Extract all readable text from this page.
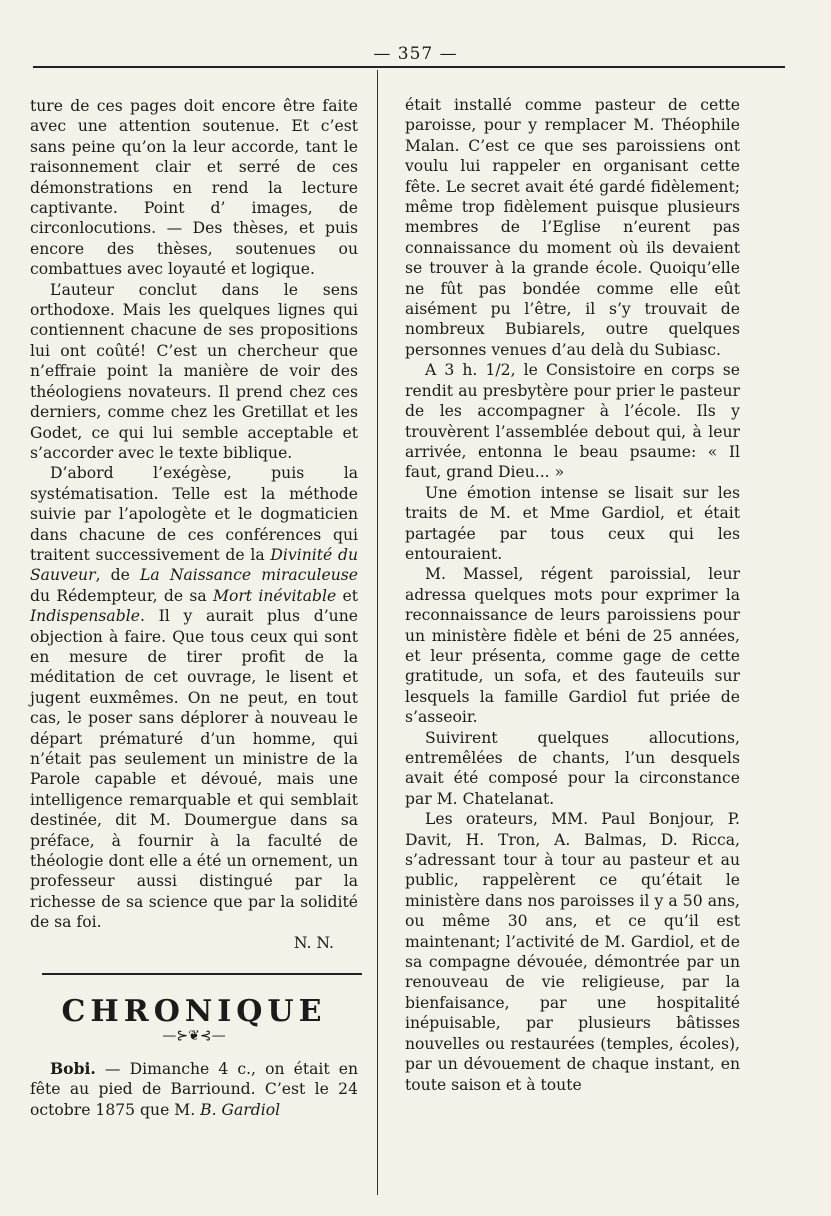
— 357 —

ture de ces pages doit encore être faite avec une attention soutenue. Et c’est sans peine qu’on la leur accorde, tant le raisonnement clair et serré de ces démonstrations en rend la lecture captivante. Point d’ images, de circonlocutions. — Des thèses, et puis encore des thèses, soutenues ou combattues avec loyauté et logique.

L’auteur conclut dans le sens orthodoxe. Mais les quelques lignes qui contiennent chacune de ses propositions lui ont coûté! C’est un chercheur que n’effraie point la manière de voir des théologiens novateurs. Il prend chez ces derniers, comme chez les Gretillat et les Godet, ce qui lui semble acceptable et s’accorder avec le texte biblique.

D’abord l’exégèse, puis la systématisation. Telle est la méthode suivie par l’apologète et le dogmaticien dans chacune de ces conférences qui traitent successivement de la Divinité du Sauveur, de La Naissance miraculeuse du Rédempteur, de sa Mort inévitable et Indispensable. Il y aurait plus d’une objection à faire. Que tous ceux qui sont en mesure de tirer profit de la méditation de cet ouvrage, le lisent et jugent euxmêmes. On ne peut, en tout cas, le poser sans déplorer à nouveau le départ prématuré d’un homme, qui n’était pas seulement un ministre de la Parole capable et dévoué, mais une intelligence remarquable et qui semblait destinée, dit M. Doumergue dans sa préface, à fournir à la faculté de théologie dont elle a été un ornement, un professeur aussi distingué par la richesse de sa science que par la solidité de sa foi.

N. N.

CHRONIQUE
—⊱❦⊰—

Bobi. — Dimanche 4 c., on était en fête au pied de Barriound. C’est le 24 octobre 1875 que M. B. Gardiol

était installé comme pasteur de cette paroisse, pour y remplacer M. Théophile Malan. C’est ce que ses paroissiens ont voulu lui rappeler en organisant cette fête. Le secret avait été gardé fidèlement; même trop fidèlement puisque plusieurs membres de l’Eglise n’eurent pas connaissance du moment où ils devaient se trouver à la grande école. Quoiqu’elle ne fût pas bondée comme elle eût aisément pu l’être, il s’y trouvait de nombreux Bubiarels, outre quelques personnes venues d’au delà du Subiasc.

A 3 h. 1/2, le Consistoire en corps se rendit au presbytère pour prier le pasteur de les accompagner à l’école. Ils y trouvèrent l’assemblée debout qui, à leur arrivée, entonna le beau psaume: « Il faut, grand Dieu... »

Une émotion intense se lisait sur les traits de M. et Mme Gardiol, et était partagée par tous ceux qui les entouraient.

M. Massel, régent paroissial, leur adressa quelques mots pour exprimer la reconnaissance de leurs paroissiens pour un ministère fidèle et béni de 25 années, et leur présenta, comme gage de cette gratitude, un sofa, et des fauteuils sur lesquels la famille Gardiol fut priée de s’asseoir.

Suivirent quelques allocutions, entremêlées de chants, l’un desquels avait été composé pour la circonstance par M. Chatelanat.

Les orateurs, MM. Paul Bonjour, P. Davit, H. Tron, A. Balmas, D. Ricca, s’adressant tour à tour au pasteur et au public, rappelèrent ce qu’était le ministère dans nos paroisses il y a 50 ans, ou même 30 ans, et ce qu’il est maintenant; l’activité de M. Gardiol, et de sa compagne dévouée, démontrée par un renouveau de vie religieuse, par la bienfaisance, par une hospitalité inépuisable, par plusieurs bâtisses nouvelles ou restaurées (temples, écoles), par un dévouement de chaque instant, en toute saison et à toute
